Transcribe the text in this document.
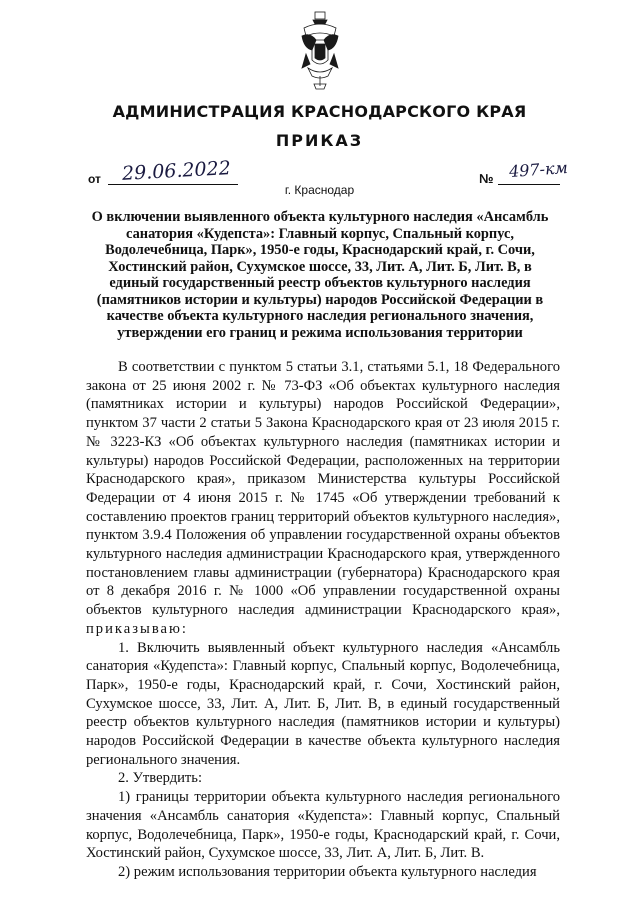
АДМИНИСТРАЦИЯ КРАСНОДАРСКОГО КРАЯ
ПРИКАЗ
от 29.06.2022	№ 497-км
г. Краснодар
О включении выявленного объекта культурного наследия «Ансамбль санатория «Кудепста»: Главный корпус, Спальный корпус, Водолечебница, Парк», 1950-е годы, Краснодарский край, г. Сочи, Хостинский район, Сухумское шоссе, 33, Лит. А, Лит. Б, Лит. В, в единый государственный реестр объектов культурного наследия (памятников истории и культуры) народов Российской Федерации в качестве объекта культурного наследия регионального значения, утверждении его границ и режима использования территории

В соответствии с пунктом 5 статьи 3.1, статьями 5.1, 18 Федерального закона от 25 июня 2002 г. № 73-ФЗ «Об объектах культурного наследия (памятниках истории и культуры) народов Российской Федерации», пунктом 37 части 2 статьи 5 Закона Краснодарского края от 23 июля 2015 г. № 3223-КЗ «Об объектах культурного наследия (памятниках истории и культуры) народов Российской Федерации, расположенных на территории Краснодарского края», приказом Министерства культуры Российской Федерации от 4 июня 2015 г. № 1745 «Об утверждении требований к составлению проектов границ территорий объектов культурного наследия», пунктом 3.9.4 Положения об управлении государственной охраны объектов культурного наследия администрации Краснодарского края, утвержденного постановлением главы администрации (губернатора) Краснодарского края от 8 декабря 2016 г. № 1000 «Об управлении государственной охраны объектов культурного наследия администрации Краснодарского края», приказываю:

1. Включить выявленный объект культурного наследия «Ансамбль санатория «Кудепста»: Главный корпус, Спальный корпус, Водолечебница, Парк», 1950-е годы, Краснодарский край, г. Сочи, Хостинский район, Сухумское шоссе, 33, Лит. А, Лит. Б, Лит. В, в единый государственный реестр объектов культурного наследия (памятников истории и культуры) народов Российской Федерации в качестве объекта культурного наследия регионального значения.

2. Утвердить:

1) границы территории объекта культурного наследия регионального значения «Ансамбль санатория «Кудепста»: Главный корпус, Спальный корпус, Водолечебница, Парк», 1950-е годы, Краснодарский край, г. Сочи, Хостинский район, Сухумское шоссе, 33, Лит. А, Лит. Б, Лит. В.

2) режим использования территории объекта культурного наследия
